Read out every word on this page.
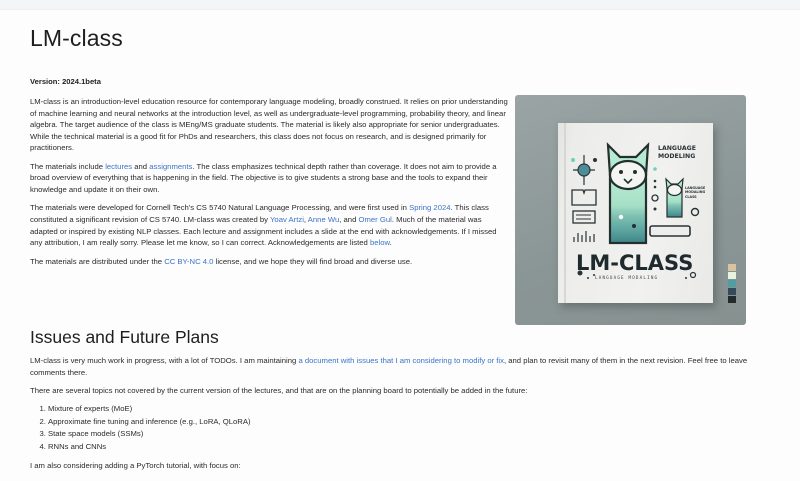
LM-class
Version: 2024.1beta

LM-class is an introduction-level education resource for contemporary language modeling, broadly construed. It relies on prior understanding of machine learning and neural networks at the introduction level, as well as undergraduate-level programming, probability theory, and linear algebra. The target audience of the class is MEng/MS graduate students. The material is likely also appropriate for senior undergraduates. While the technical material is a good fit for PhDs and researchers, this class does not focus on research, and is designed primarily for practitioners.

The materials include lectures and assignments. The class emphasizes technical depth rather than coverage. It does not aim to provide a broad overview of everything that is happening in the field. The objective is to give students a strong base and the tools to expand their knowledge and update it on their own.

The materials were developed for Cornell Tech's CS 5740 Natural Language Processing, and were first used in Spring 2024. This class constituted a significant revision of CS 5740. LM-class was created by Yoav Artzi, Anne Wu, and Omer Gul. Much of the material was adapted or inspired by existing NLP classes. Each lecture and assignment includes a slide at the end with acknowledgements. If I missed any attribution, I am really sorry. Please let me know, so I can correct. Acknowledgements are listed below.

The materials are distributed under the CC BY-NC 4.0 license, and we hope they will find broad and diverse use.

LANGUAGE
MODELING
LANGUAGE
MODALING
CLASS
LM-CLASS
LANGUAGE MODALING
Issues and Future Plans

LM-class is very much work in progress, with a lot of TODOs. I am maintaining a document with issues that I am considering to modify or fix, and plan to revisit many of them in the next revision. Feel free to leave comments there.

There are several topics not covered by the current version of the lectures, and that are on the planning board to potentially be added in the future:

1. Mixture of experts (MoE)
2. Approximate fine tuning and inference (e.g., LoRA, QLoRA)
3. State space models (SSMs)
4. RNNs and CNNs

I am also considering adding a PyTorch tutorial, with focus on:
